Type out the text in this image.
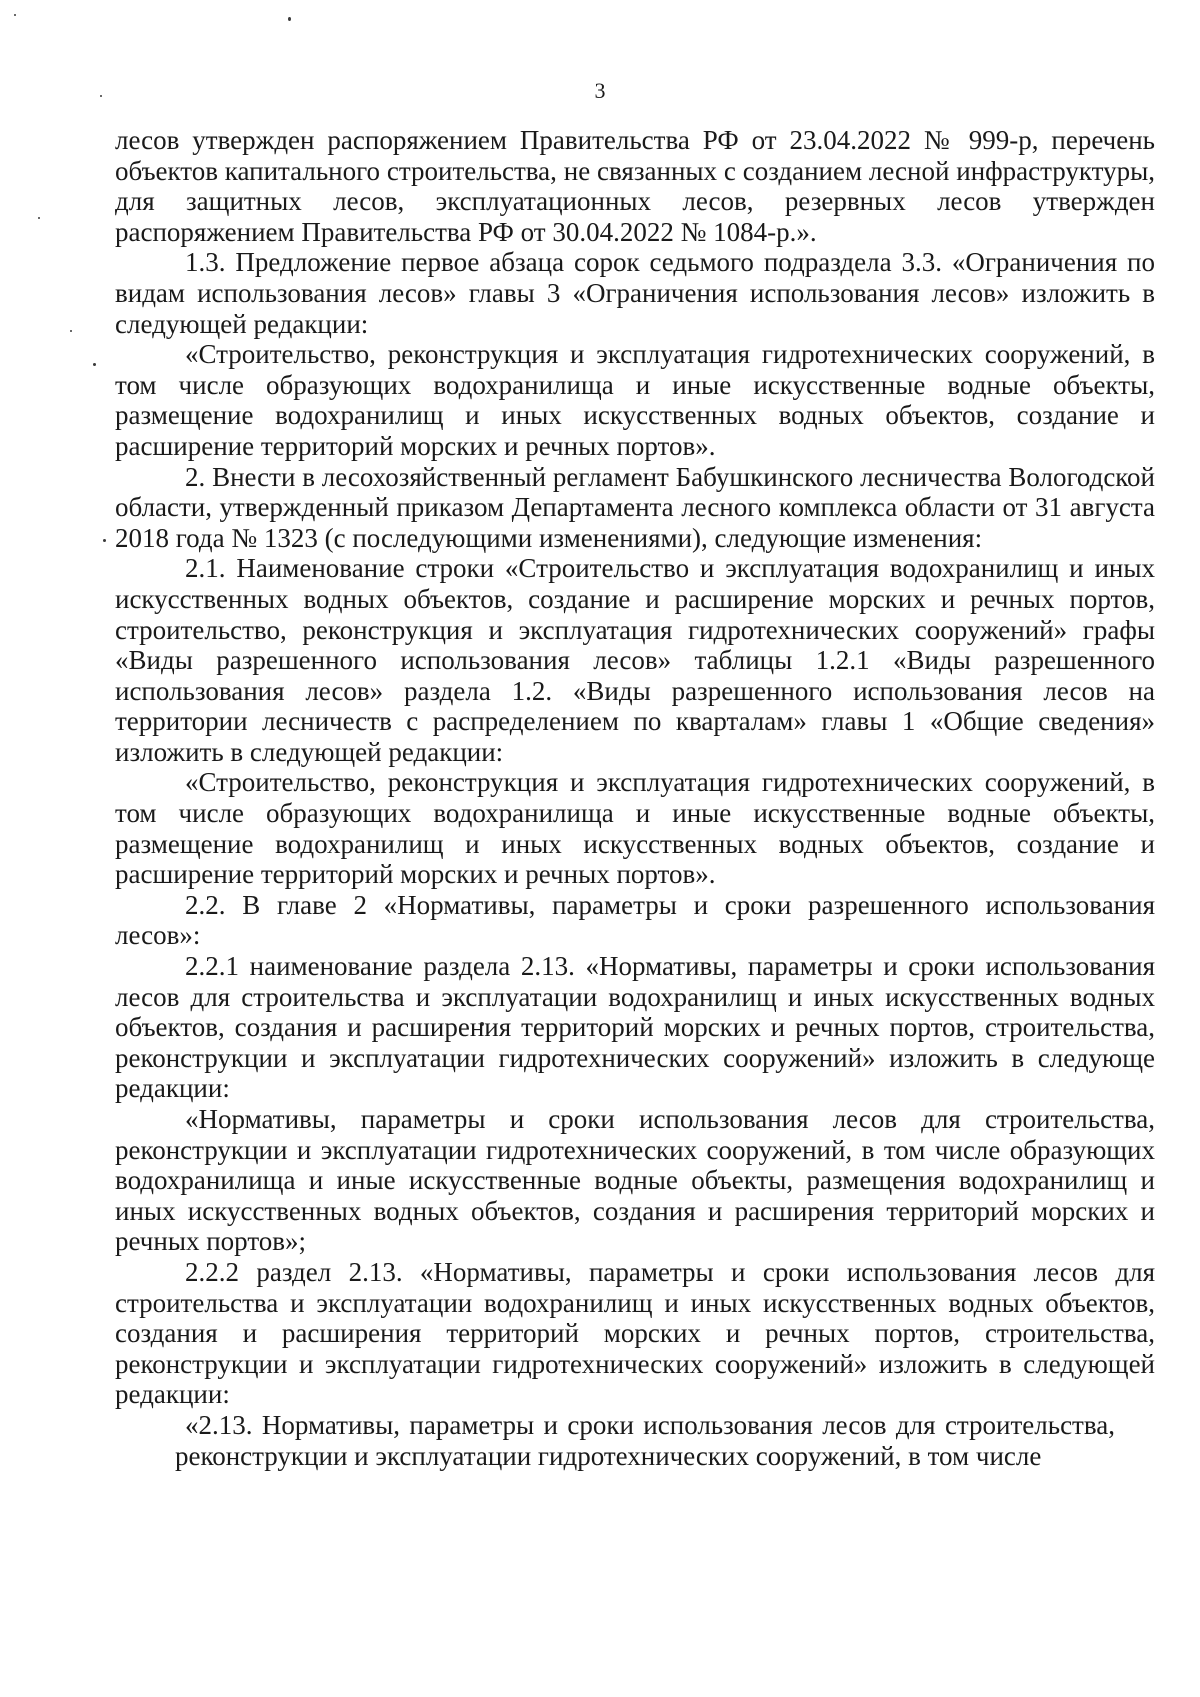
3

лесов утвержден распоряжением Правительства РФ от 23.04.2022 № 999-р, перечень объектов капитального строительства, не связанных с созданием лесной инфраструктуры, для защитных лесов, эксплуатационных лесов, резервных лесов утвержден распоряжением Правительства РФ от 30.04.2022 № 1084-р.».

1.3. Предложение первое абзаца сорок седьмого подраздела 3.3. «Ограничения по видам использования лесов» главы 3 «Ограничения использования лесов» изложить в следующей редакции:

«Строительство, реконструкция и эксплуатация гидротехнических сооружений, в том числе образующих водохранилища и иные искусственные водные объекты, размещение водохранилищ и иных искусственных водных объектов, создание и расширение территорий морских и речных портов».

2. Внести в лесохозяйственный регламент Бабушкинского лесничества Вологодской области, утвержденный приказом Департамента лесного комплекса области от 31 августа 2018 года № 1323 (с последующими изменениями), следующие изменения:

2.1. Наименование строки «Строительство и эксплуатация водохранилищ и иных искусственных водных объектов, создание и расширение морских и речных портов, строительство, реконструкция и эксплуатация гидротехнических сооружений» графы «Виды разрешенного использования лесов» таблицы 1.2.1 «Виды разрешенного использования лесов» раздела 1.2. «Виды разрешенного использования лесов на территории лесничеств с распределением по кварталам» главы 1 «Общие сведения» изложить в следующей редакции:

«Строительство, реконструкция и эксплуатация гидротехнических сооружений, в том числе образующих водохранилища и иные искусственные водные объекты, размещение водохранилищ и иных искусственных водных объектов, создание и расширение территорий морских и речных портов».

2.2. В главе 2 «Нормативы, параметры и сроки разрешенного использования лесов»:

2.2.1 наименование раздела 2.13. «Нормативы, параметры и сроки использования лесов для строительства и эксплуатации водохранилищ и иных искусственных водных объектов, создания и расширения территорий морских и речных портов, строительства, реконструкции и эксплуатации гидротехнических сооружений» изложить в следующе редакции:

«Нормативы, параметры и сроки использования лесов для строительства, реконструкции и эксплуатации гидротехнических сооружений, в том числе образующих водохранилища и иные искусственные водные объекты, размещения водохранилищ и иных искусственных водных объектов, создания и расширения территорий морских и речных портов»;

2.2.2 раздел 2.13. «Нормативы, параметры и сроки использования лесов для строительства и эксплуатации водохранилищ и иных искусственных водных объектов, создания и расширения территорий морских и речных портов, строительства, реконструкции и эксплуатации гидротехнических сооружений» изложить в следующей редакции:

«2.13. Нормативы, параметры и сроки использования лесов для строительства,
реконструкции и эксплуатации гидротехнических сооружений, в том числе
